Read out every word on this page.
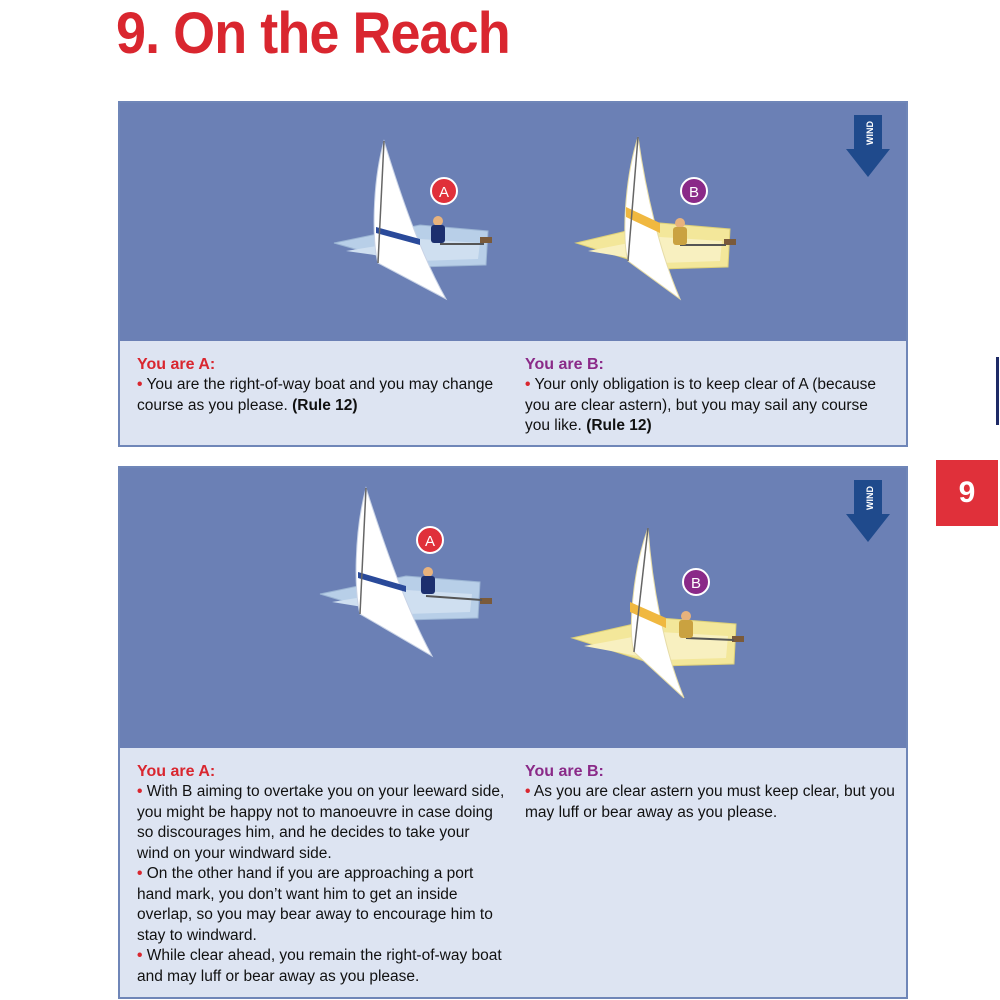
9. On the Reach
WIND
A	B
You are A:

• You are the right-of-way boat and you may change course as you please. (Rule 12)

You are B:

• Your only obligation is to keep clear of A (because you are clear astern), but you may sail any course you like. (Rule 12)

WIND
A
B
You are A:

• With B aiming to overtake you on your leeward side, you might be happy not to manoeuvre in case doing so discourages him, and he decides to take your wind on your windward side.

• On the other hand if you are approaching a port hand mark, you don’t want him to get an inside overlap, so you may bear away to encourage him to stay to windward.

• While clear ahead, you remain the right-of-way boat and may luff or bear away as you please.

You are B:

• As you are clear astern you must keep clear, but you may luff or bear away as you please.

9
